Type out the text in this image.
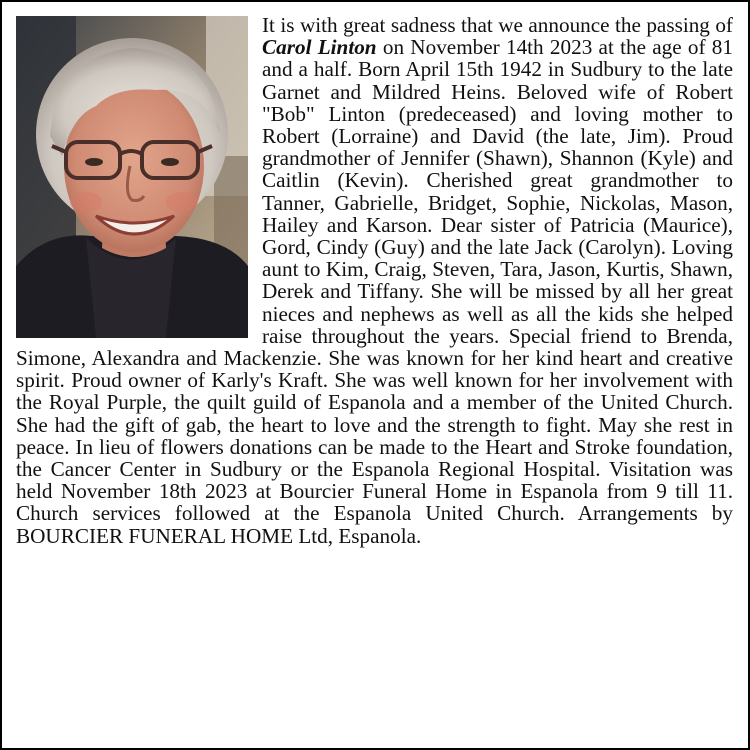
It is with great sadness that we announce the passing of Carol Linton on November 14th 2023 at the age of 81 and a half. Born April 15th 1942 in Sudbury to the late Garnet and Mildred Heins. Beloved wife of Robert "Bob" Linton (predeceased) and loving mother to Robert (Lorraine) and David (the late, Jim). Proud grandmother of Jennifer (Shawn), Shannon (Kyle) and Caitlin (Kevin). Cherished great grandmother to Tanner, Gabrielle, Bridget, Sophie, Nickolas, Mason, Hailey and Karson. Dear sister of Patricia (Maurice), Gord, Cindy (Guy) and the late Jack (Carolyn). Loving aunt to Kim, Craig, Steven, Tara, Jason, Kurtis, Shawn, Derek and Tiffany. She will be missed by all her great nieces and nephews as well as all the kids she helped raise throughout the years. Special friend to Brenda, Simone, Alexandra and Mackenzie. She was known for her kind heart and creative spirit. Proud owner of Karly's Kraft. She was well known for her involvement with the Royal Purple, the quilt guild of Espanola and a member of the United Church. She had the gift of gab, the heart to love and the strength to fight. May she rest in peace. In lieu of flowers donations can be made to the Heart and Stroke foundation, the Cancer Center in Sudbury or the Espanola Regional Hospital. Visitation was held November 18th 2023 at Bourcier Funeral Home in Espanola from 9 till 11. Church services followed at the Espanola United Church. Arrangements by BOURCIER FUNERAL HOME Ltd, Espanola.
